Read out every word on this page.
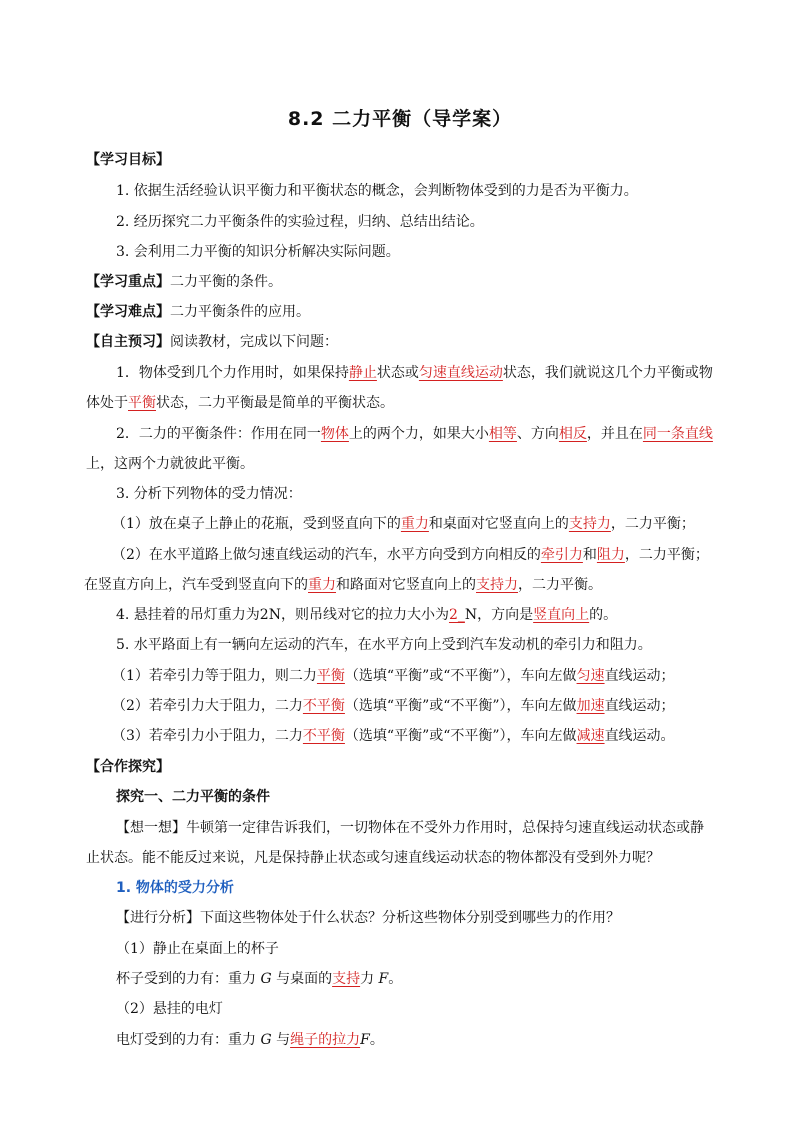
8.2 二力平衡（导学案）
【学习目标】
1. 依据生活经验认识平衡力和平衡状态的概念，会判断物体受到的力是否为平衡力。
2. 经历探究二力平衡条件的实验过程，归纳、总结出结论。
3. 会利用二力平衡的知识分析解决实际问题。
【学习重点】二力平衡的条件。
【学习难点】二力平衡条件的应用。
【自主预习】阅读教材，完成以下问题：
1．物体受到几个力作用时，如果保持静止状态或匀速直线运动状态，我们就说这几个力平衡或物
体处于平衡状态，二力平衡最是简单的平衡状态。
2．二力的平衡条件：作用在同一物体上的两个力，如果大小相等、方向相反，并且在同一条直线
上，这两个力就彼此平衡。
3. 分析下列物体的受力情况：
（1）放在桌子上静止的花瓶，受到竖直向下的重力和桌面对它竖直向上的支持力，二力平衡；
（2）在水平道路上做匀速直线运动的汽车，水平方向受到方向相反的牵引力和阻力，二力平衡；
在竖直方向上，汽车受到竖直向下的重力和路面对它竖直向上的支持力，二力平衡。
4. 悬挂着的吊灯重力为2N，则吊线对它的拉力大小为2_N，方向是竖直向上的。
5. 水平路面上有一辆向左运动的汽车，在水平方向上受到汽车发动机的牵引力和阻力。
（1）若牵引力等于阻力，则二力平衡（选填“平衡”或“不平衡”），车向左做匀速直线运动；
（2）若牵引力大于阻力，二力不平衡（选填“平衡”或“不平衡”），车向左做加速直线运动；
（3）若牵引力小于阻力，二力不平衡（选填“平衡”或“不平衡”），车向左做减速直线运动。
【合作探究】
探究一、二力平衡的条件
【想一想】牛顿第一定律告诉我们，一切物体在不受外力作用时，总保持匀速直线运动状态或静
止状态。能不能反过来说，凡是保持静止状态或匀速直线运动状态的物体都没有受到外力呢？
1. 物体的受力分析
【进行分析】下面这些物体处于什么状态？分析这些物体分别受到哪些力的作用？
（1）静止在桌面上的杯子
杯子受到的力有：重力 G 与桌面的支持力 F。
（2）悬挂的电灯
电灯受到的力有：重力 G 与绳子的拉力F。
